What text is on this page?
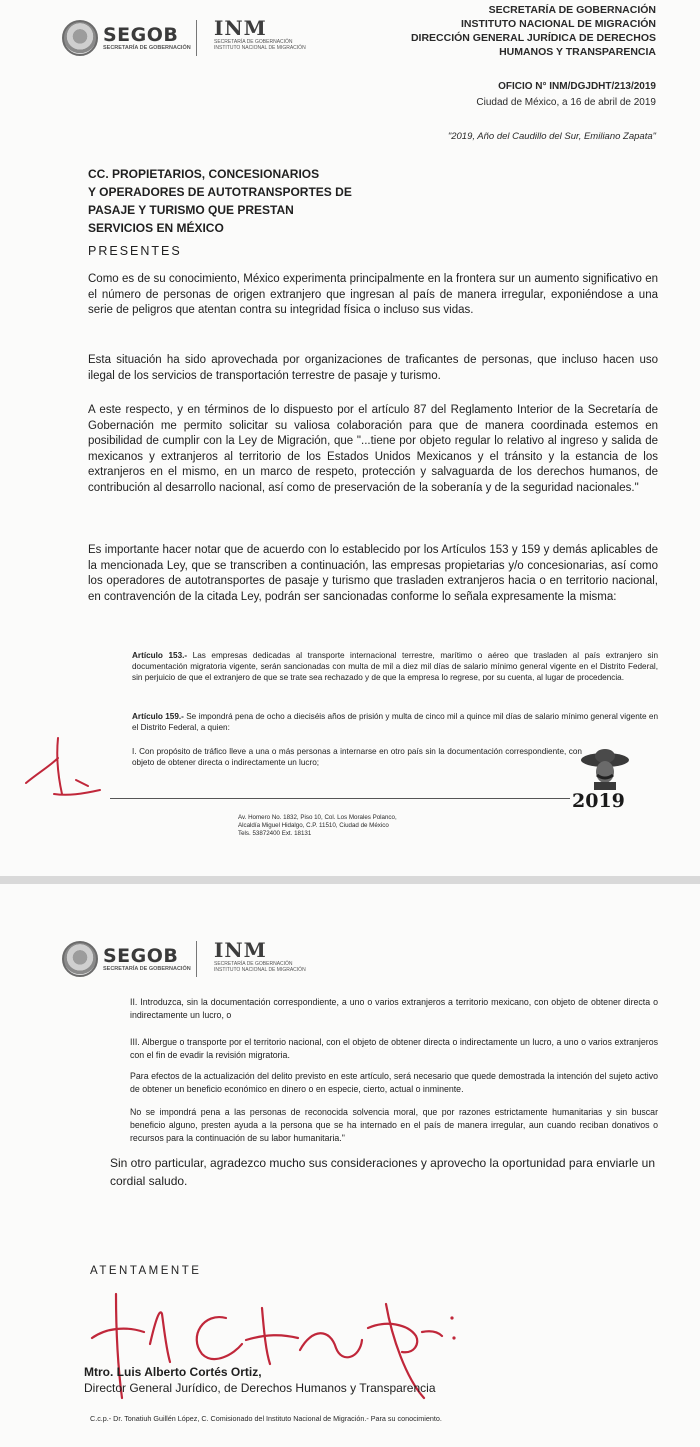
SEGOB
SECRETARÍA DE GOBERNACIÓN
INM
SECRETARÍA DE GOBERNACIÓN
INSTITUTO NACIONAL DE MIGRACIÓN
SECRETARÍA DE GOBERNACIÓN
INSTITUTO NACIONAL DE MIGRACIÓN
DIRECCIÓN GENERAL JURÍDICA DE DERECHOS
HUMANOS Y TRANSPARENCIA
OFICIO N° INM/DGJDHT/213/2019
Ciudad de México, a 16 de abril de 2019
"2019, Año del Caudillo del Sur, Emiliano Zapata"
CC. PROPIETARIOS, CONCESIONARIOS
Y OPERADORES DE AUTOTRANSPORTES DE
PASAJE Y TURISMO QUE PRESTAN
SERVICIOS EN MÉXICO
PRESENTES
Como es de su conocimiento, México experimenta principalmente en la frontera sur un aumento significativo en el número de personas de origen extranjero que ingresan al país de manera irregular, exponiéndose a una serie de peligros que atentan contra su integridad física o incluso sus vidas.
Esta situación ha sido aprovechada por organizaciones de traficantes de personas, que incluso hacen uso ilegal de los servicios de transportación terrestre de pasaje y turismo.
A este respecto, y en términos de lo dispuesto por el artículo 87 del Reglamento Interior de la Secretaría de Gobernación me permito solicitar su valiosa colaboración para que de manera coordinada estemos en posibilidad de cumplir con la Ley de Migración, que "...tiene por objeto regular lo relativo al ingreso y salida de mexicanos y extranjeros al territorio de los Estados Unidos Mexicanos y el tránsito y la estancia de los extranjeros en el mismo, en un marco de respeto, protección y salvaguarda de los derechos humanos, de contribución al desarrollo nacional, así como de preservación de la soberanía y de la seguridad nacionales."
Es importante hacer notar que de acuerdo con lo establecido por los Artículos 153 y 159 y demás aplicables de la mencionada Ley, que se transcriben a continuación, las empresas propietarias y/o concesionarias, así como los operadores de autotransportes de pasaje y turismo que trasladen extranjeros hacia o en territorio nacional, en contravención de la citada Ley, podrán ser sancionadas conforme lo señala expresamente la misma:
Artículo 153.- Las empresas dedicadas al transporte internacional terrestre, marítimo o aéreo que trasladen al país extranjero sin documentación migratoria vigente, serán sancionadas con multa de mil a diez mil días de salario mínimo general vigente en el Distrito Federal, sin perjuicio de que el extranjero de que se trate sea rechazado y de que la empresa lo regrese, por su cuenta, al lugar de procedencia.
Artículo 159.- Se impondrá pena de ocho a dieciséis años de prisión y multa de cinco mil a quince mil días de salario mínimo general vigente en el Distrito Federal, a quien:
I. Con propósito de tráfico lleve a una o más personas a internarse en otro país sin la documentación correspondiente, con objeto de obtener directa o indirectamente un lucro;
Av. Homero No. 1832, Piso 10, Col. Los Morales Polanco,
Alcaldía Miguel Hidalgo, C.P. 11510, Ciudad de México
Tels. 53872400 Ext. 18131
2019
SEGOB
SECRETARÍA DE GOBERNACIÓN
INM
SECRETARÍA DE GOBERNACIÓN
INSTITUTO NACIONAL DE MIGRACIÓN
II. Introduzca, sin la documentación correspondiente, a uno o varios extranjeros a territorio mexicano, con objeto de obtener directa o indirectamente un lucro, o
III. Albergue o transporte por el territorio nacional, con el objeto de obtener directa o indirectamente un lucro, a uno o varios extranjeros con el fin de evadir la revisión migratoria.
Para efectos de la actualización del delito previsto en este artículo, será necesario que quede demostrada la intención del sujeto activo de obtener un beneficio económico en dinero o en especie, cierto, actual o inminente.
No se impondrá pena a las personas de reconocida solvencia moral, que por razones estrictamente humanitarias y sin buscar beneficio alguno, presten ayuda a la persona que se ha internado en el país de manera irregular, aun cuando reciban donativos o recursos para la continuación de su labor humanitaria."
Sin otro particular, agradezco mucho sus consideraciones y aprovecho la oportunidad para enviarle un cordial saludo.
ATENTAMENTE
Mtro. Luis Alberto Cortés Ortiz,
Director General Jurídico, de Derechos Humanos y Transparencia
C.c.p.- Dr. Tonatiuh Guillén López, C. Comisionado del Instituto Nacional de Migración.- Para su conocimiento.
